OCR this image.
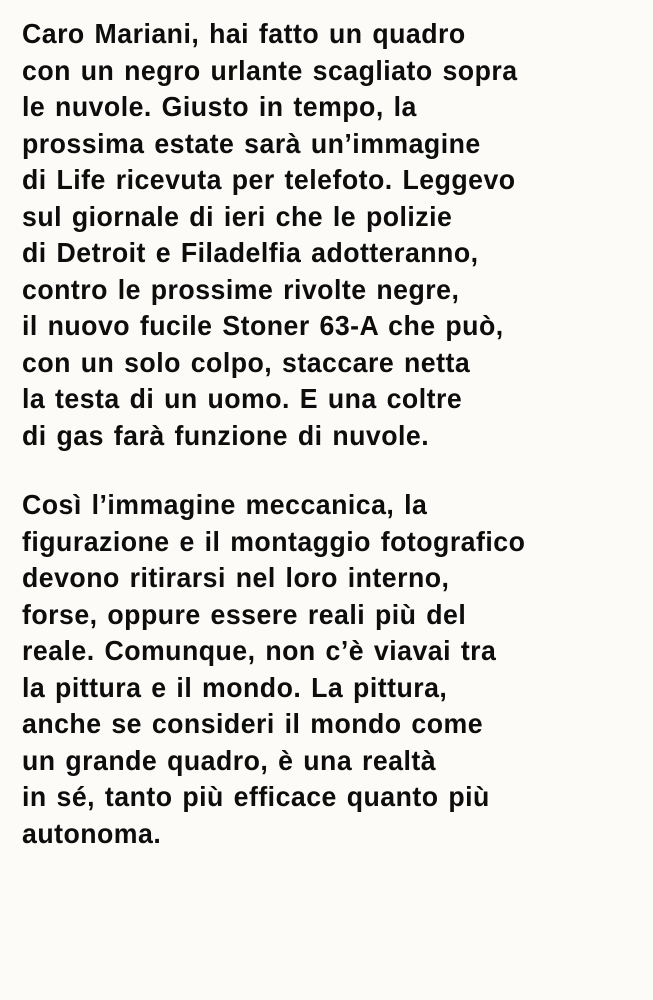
Caro Mariani, hai fatto un quadro
con un negro urlante scagliato sopra
le nuvole. Giusto in tempo, la
prossima estate sarà un’immagine
di Life ricevuta per telefoto. Leggevo
sul giornale di ieri che le polizie
di Detroit e Filadelfia adotteranno,
contro le prossime rivolte negre,
il nuovo fucile Stoner 63-A che può,
con un solo colpo, staccare netta
la testa di un uomo. E una coltre
di gas farà funzione di nuvole.

Così l’immagine meccanica, la
figurazione e il montaggio fotografico
devono ritirarsi nel loro interno,
forse, oppure essere reali più del
reale. Comunque, non c’è viavai tra
la pittura e il mondo. La pittura,
anche se consideri il mondo come
un grande quadro, è una realtà
in sé, tanto più efficace quanto più
autonoma.
